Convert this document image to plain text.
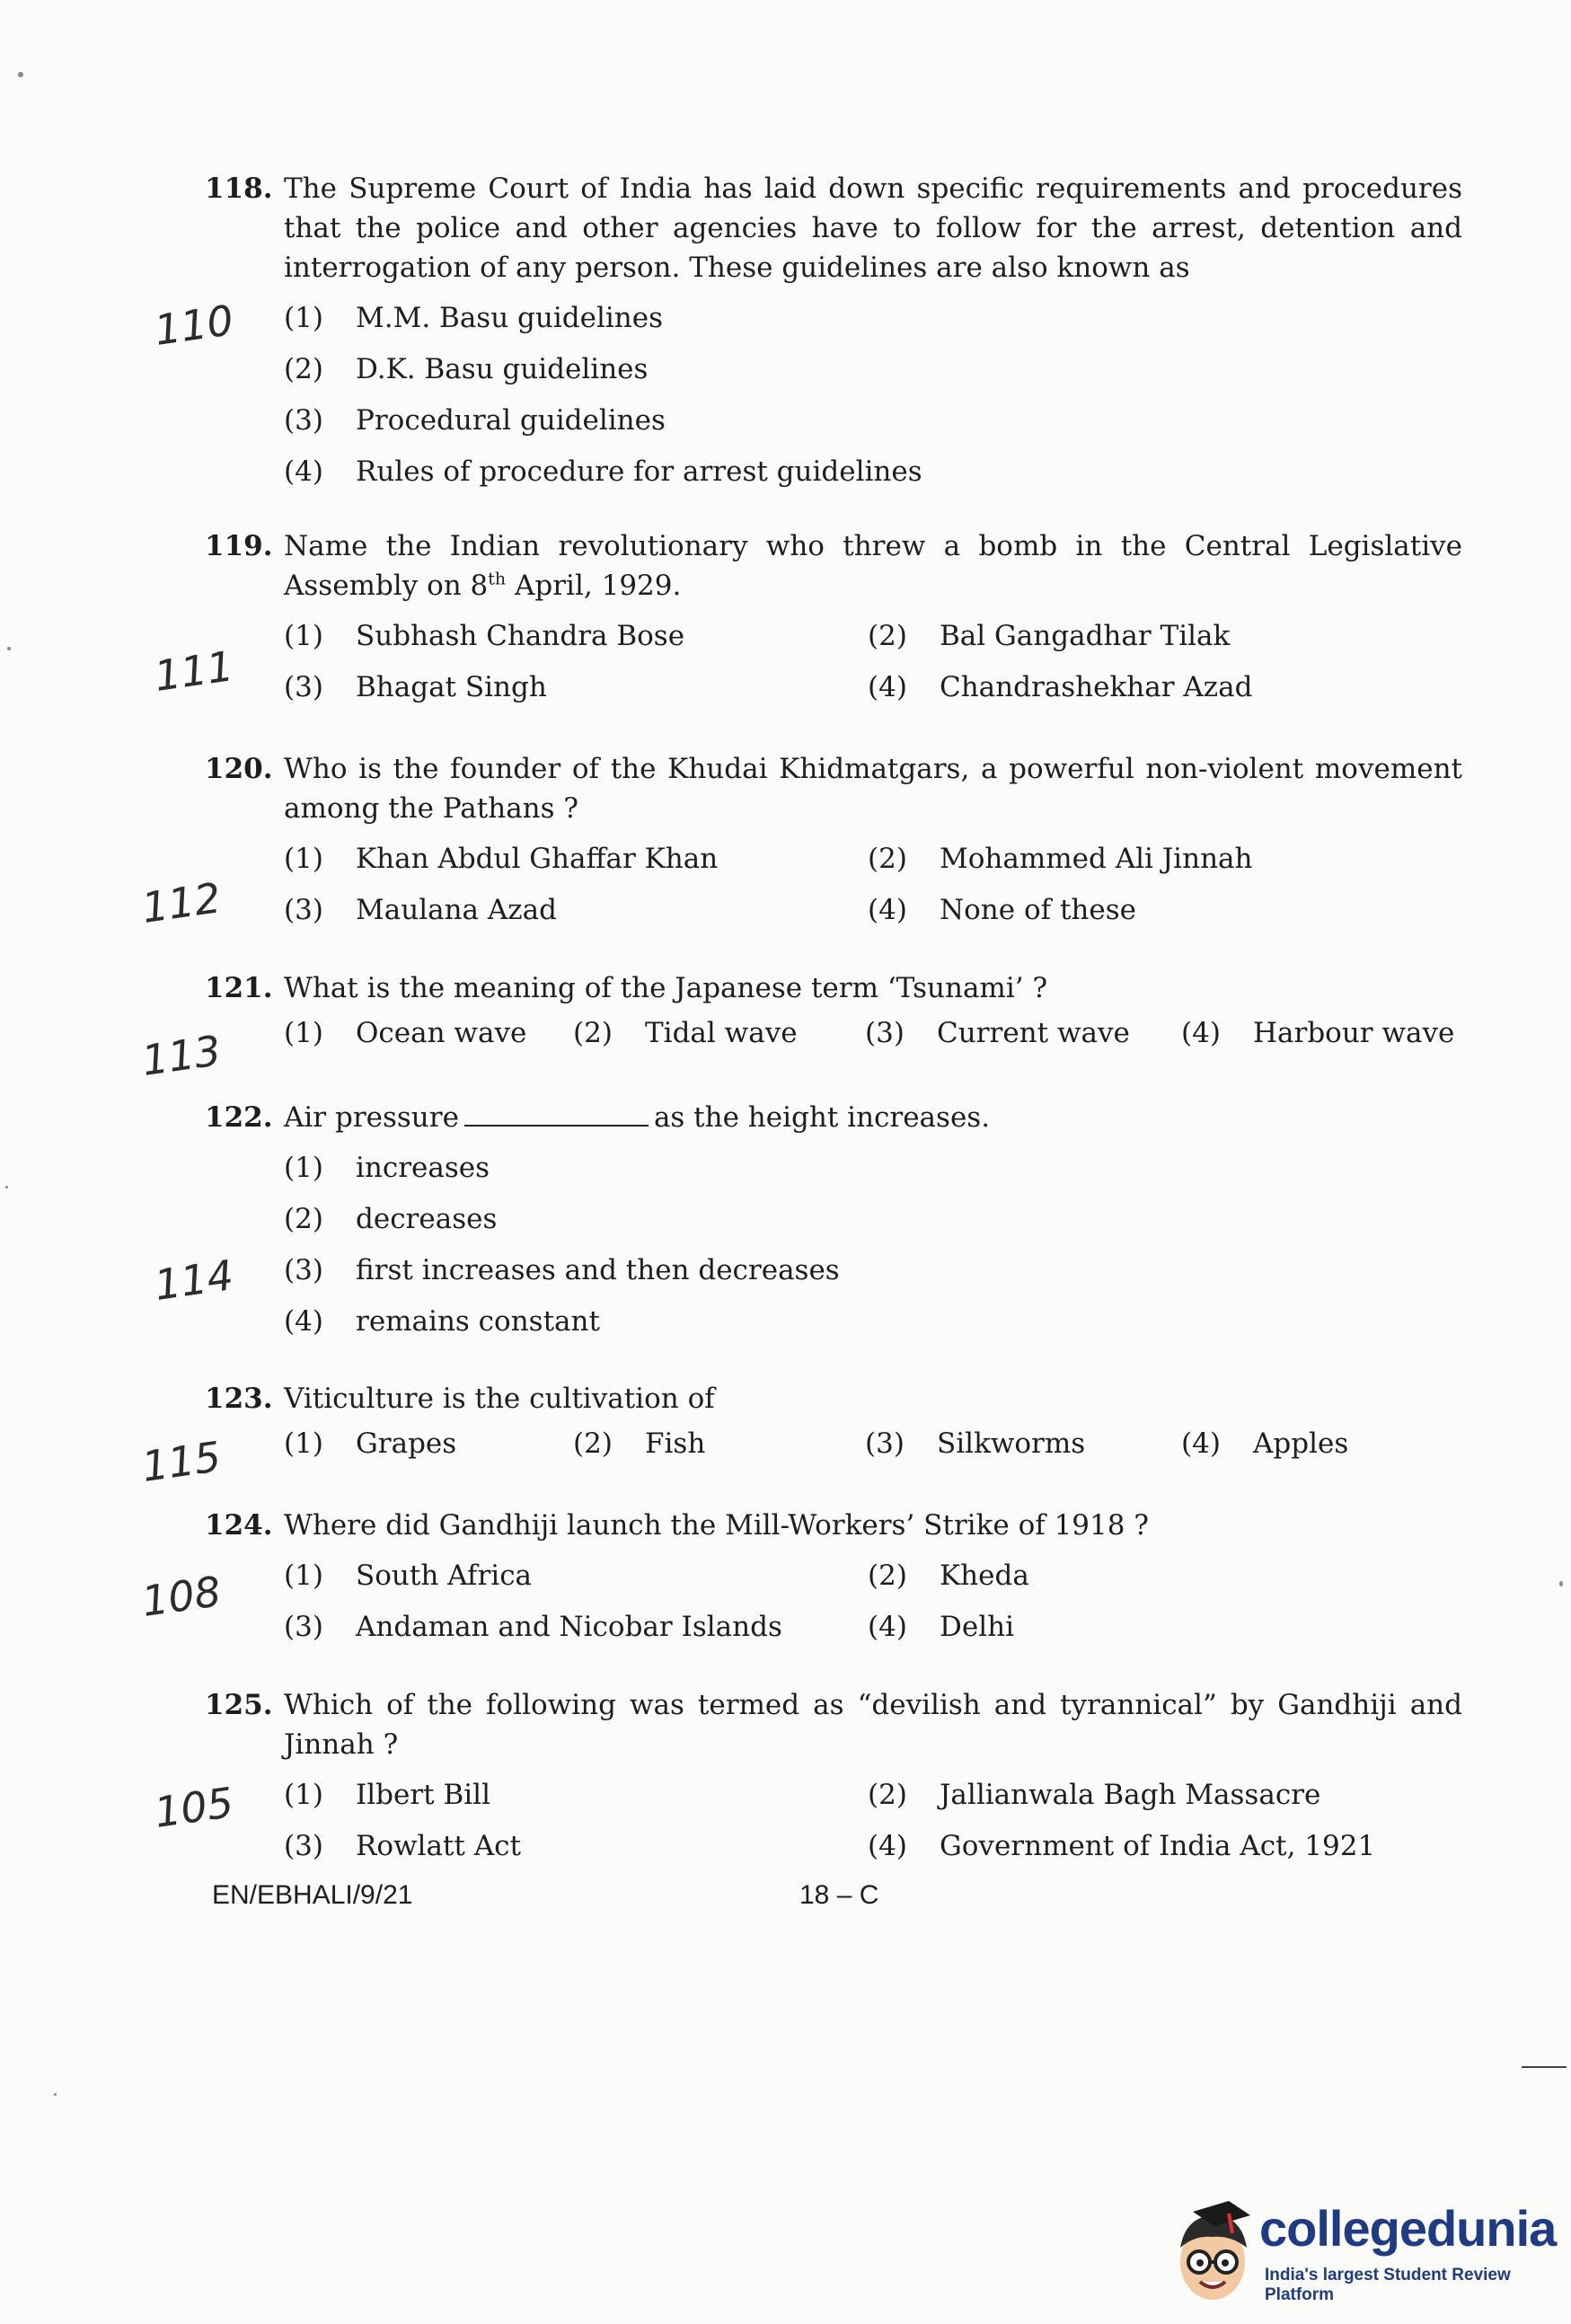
118. The Supreme Court of India has laid down specific requirements and procedures that the police and other agencies have to follow for the arrest, detention and interrogation of any person. These guidelines are also known as
(1) M.M. Basu guidelines
(2) D.K. Basu guidelines
(3) Procedural guidelines
(4) Rules of procedure for arrest guidelines
110
119. Name the Indian revolutionary who threw a bomb in the Central Legislative Assembly on 8th April, 1929.
(1) Subhash Chandra Bose	(2) Bal Gangadhar Tilak
(3) Bhagat Singh	(4) Chandrashekhar Azad
111
120. Who is the founder of the Khudai Khidmatgars, a powerful non-violent movement among the Pathans ?
(1) Khan Abdul Ghaffar Khan	(2) Mohammed Ali Jinnah
(3) Maulana Azad	(4) None of these
112
121. What is the meaning of the Japanese term ‘Tsunami’ ?
(1) Ocean wave (2) Tidal wave (3) Current wave (4) Harbour wave
113
122. Air pressure	as the height increases.
(1) increases
(2) decreases
(3) first increases and then decreases
(4) remains constant
114
123. Viticulture is the cultivation of
(1) Grapes	(2) Fish	(3) Silkworms	(4) Apples
115
124. Where did Gandhiji launch the Mill-Workers’ Strike of 1918 ?
(1) South Africa	(2) Kheda
(3) Andaman and Nicobar Islands	(4) Delhi
108
125. Which of the following was termed as “devilish and tyrannical” by Gandhiji and Jinnah ?
(1) Ilbert Bill	(2) Jallianwala Bagh Massacre
(3) Rowlatt Act	(4) Government of India Act, 1921
105
EN/EBHALI/9/21	18 – C
collegedunia
India's largest Student Review Platform
